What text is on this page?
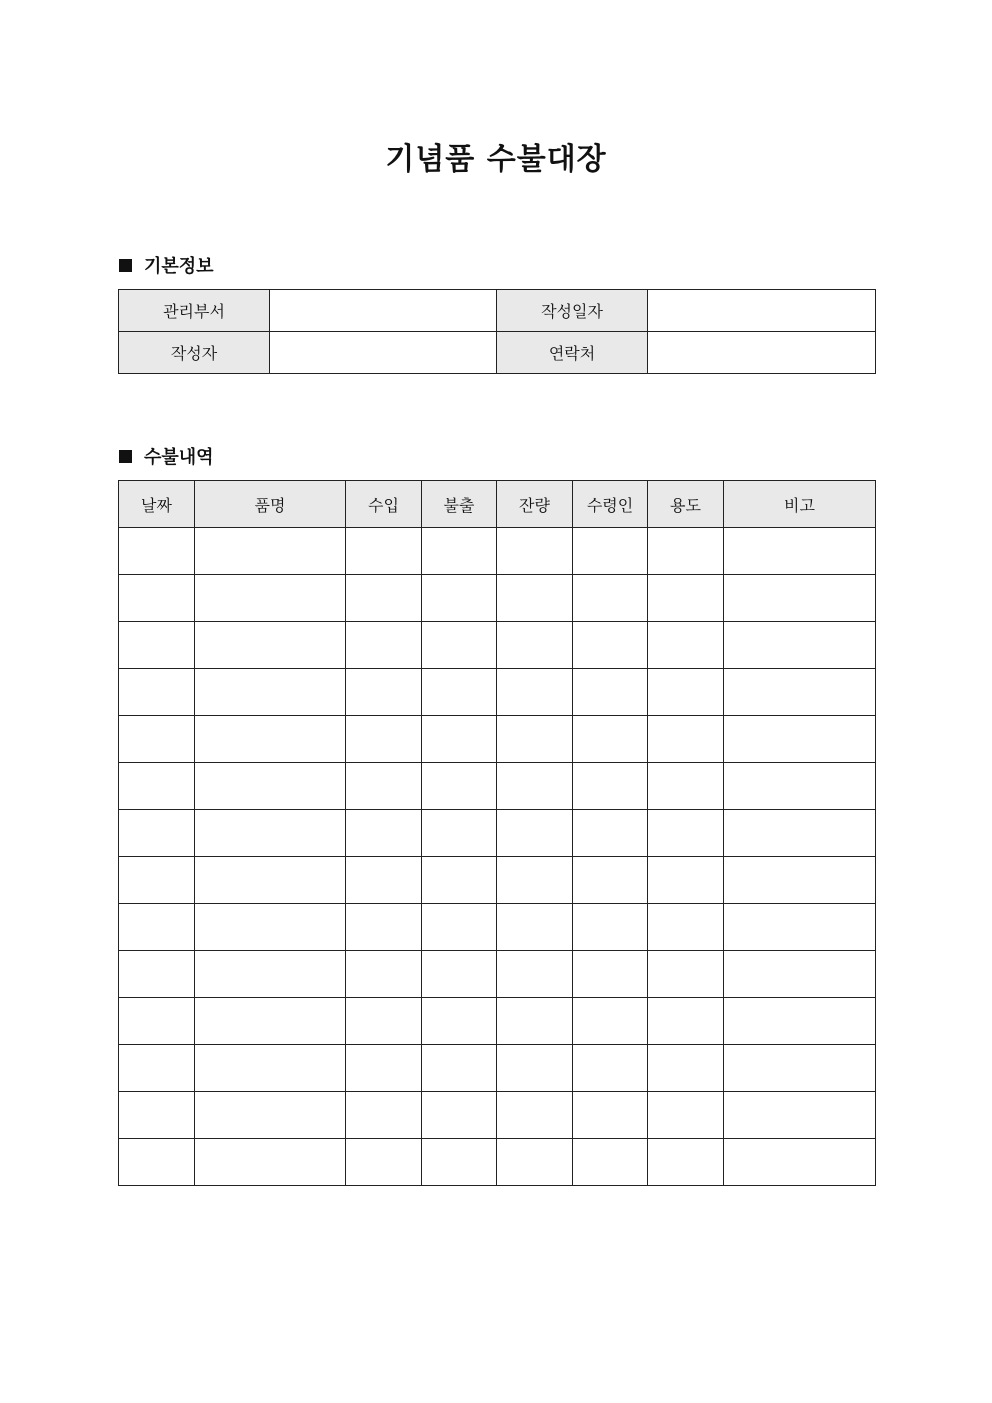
기념품 수불대장
기본정보
관리부서		작성일자	
작성자		연락처	
수불내역
날짜	품명	수입	불출	잔량	수령인	용도	비고
